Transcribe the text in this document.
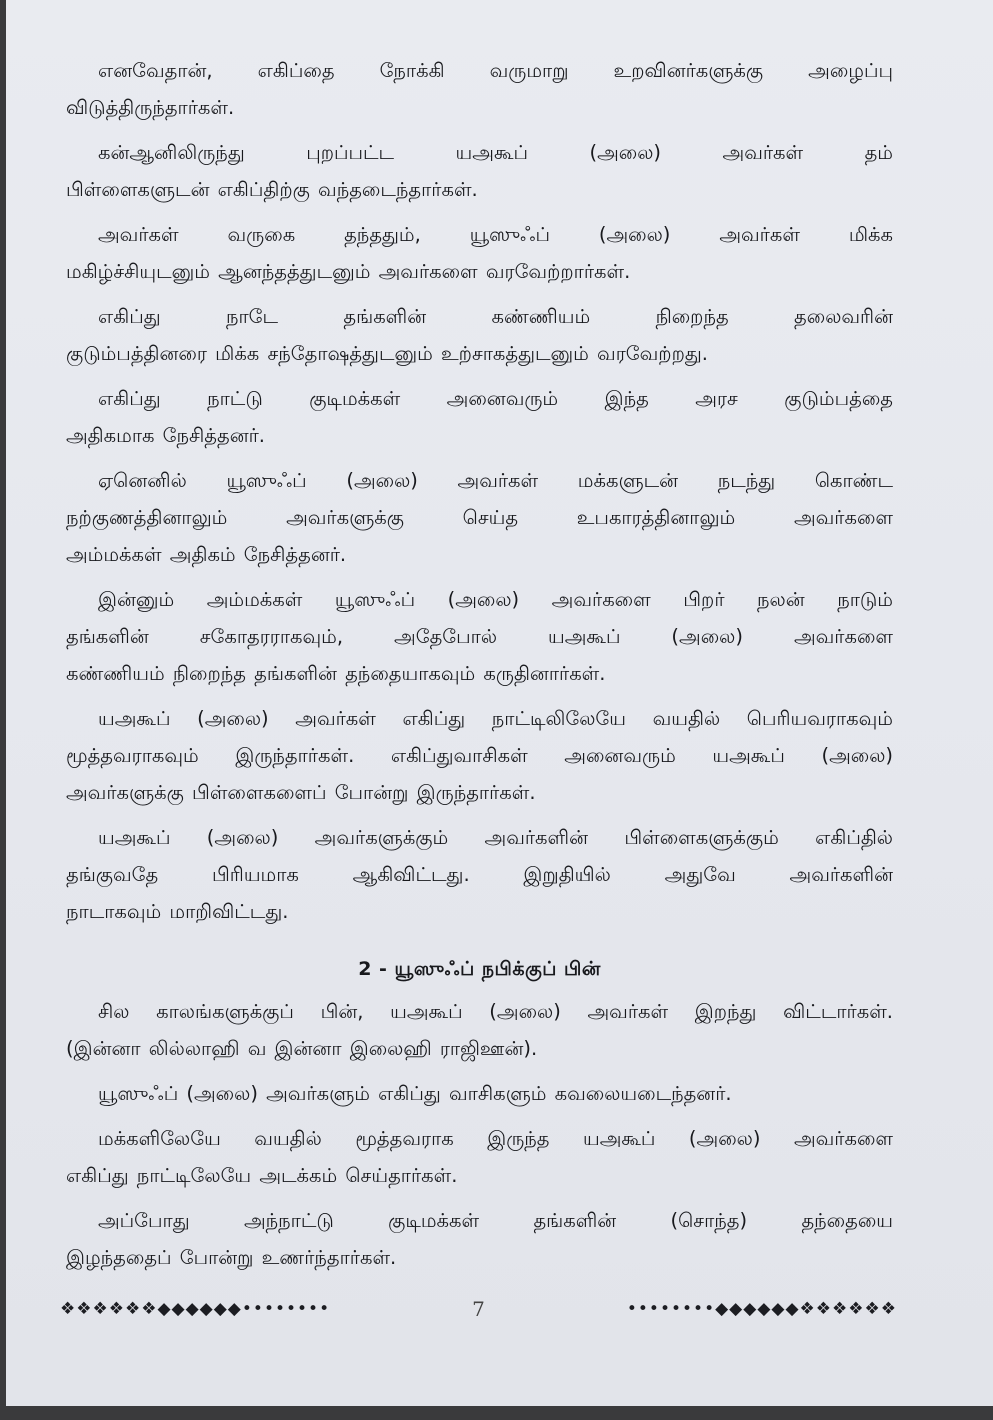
எனவேதான், எகிப்தை நோக்கி வருமாறு உறவினர்களுக்கு அழைப்பு
விடுத்திருந்தார்கள்.

கன்ஆனிலிருந்து புறப்பட்ட யஅகூப் (அலை) அவர்கள் தம்
பிள்ளைகளுடன் எகிப்திற்கு வந்தடைந்தார்கள்.

அவர்கள் வருகை தந்ததும், யூஸுஃப் (அலை) அவர்கள் மிக்க
மகிழ்ச்சியுடனும் ஆனந்தத்துடனும் அவர்களை வரவேற்றார்கள்.

எகிப்து நாடே தங்களின் கண்ணியம் நிறைந்த தலைவரின்
குடும்பத்தினரை மிக்க சந்தோஷத்துடனும் உற்சாகத்துடனும் வரவேற்றது.

எகிப்து நாட்டு குடிமக்கள் அனைவரும் இந்த அரச குடும்பத்தை
அதிகமாக நேசித்தனர்.

ஏனெனில் யூஸுஃப் (அலை) அவர்கள் மக்களுடன் நடந்து கொண்ட
நற்குணத்தினாலும் அவர்களுக்கு செய்த உபகாரத்தினாலும் அவர்களை
அம்மக்கள் அதிகம் நேசித்தனர்.

இன்னும் அம்மக்கள் யூஸுஃப் (அலை) அவர்களை பிறர் நலன் நாடும்
தங்களின் சகோதரராகவும், அதேபோல் யஅகூப் (அலை) அவர்களை
கண்ணியம் நிறைந்த தங்களின் தந்தையாகவும் கருதினார்கள்.

யஅகூப் (அலை) அவர்கள் எகிப்து நாட்டிலிலேயே வயதில் பெரியவராகவும்
மூத்தவராகவும் இருந்தார்கள். எகிப்துவாசிகள் அனைவரும் யஅகூப் (அலை)
அவர்களுக்கு பிள்ளைகளைப் போன்று இருந்தார்கள்.

யஅகூப் (அலை) அவர்களுக்கும் அவர்களின் பிள்ளைகளுக்கும் எகிப்தில்
தங்குவதே பிரியமாக ஆகிவிட்டது. இறுதியில் அதுவே அவர்களின்
நாடாகவும் மாறிவிட்டது.

2 - யூஸுஃப் நபிக்குப் பின்

சில காலங்களுக்குப் பின், யஅகூப் (அலை) அவர்கள் இறந்து விட்டார்கள்.
(இன்னா லில்லாஹி வ இன்னா இலைஹி ராஜிஊன்).

யூஸுஃப் (அலை) அவர்களும் எகிப்து வாசிகளும் கவலையடைந்தனர்.

மக்களிலேயே வயதில் மூத்தவராக இருந்த யஅகூப் (அலை) அவர்களை
எகிப்து நாட்டிலேயே அடக்கம் செய்தார்கள்.

அப்போது அந்நாட்டு குடிமக்கள் தங்களின் (சொந்த) தந்தையை
இழந்ததைப் போன்று உணர்ந்தார்கள்.

❖❖❖❖❖❖◆◆◆◆◆◆••••••••	7	••••••••◆◆◆◆◆◆❖❖❖❖❖❖
